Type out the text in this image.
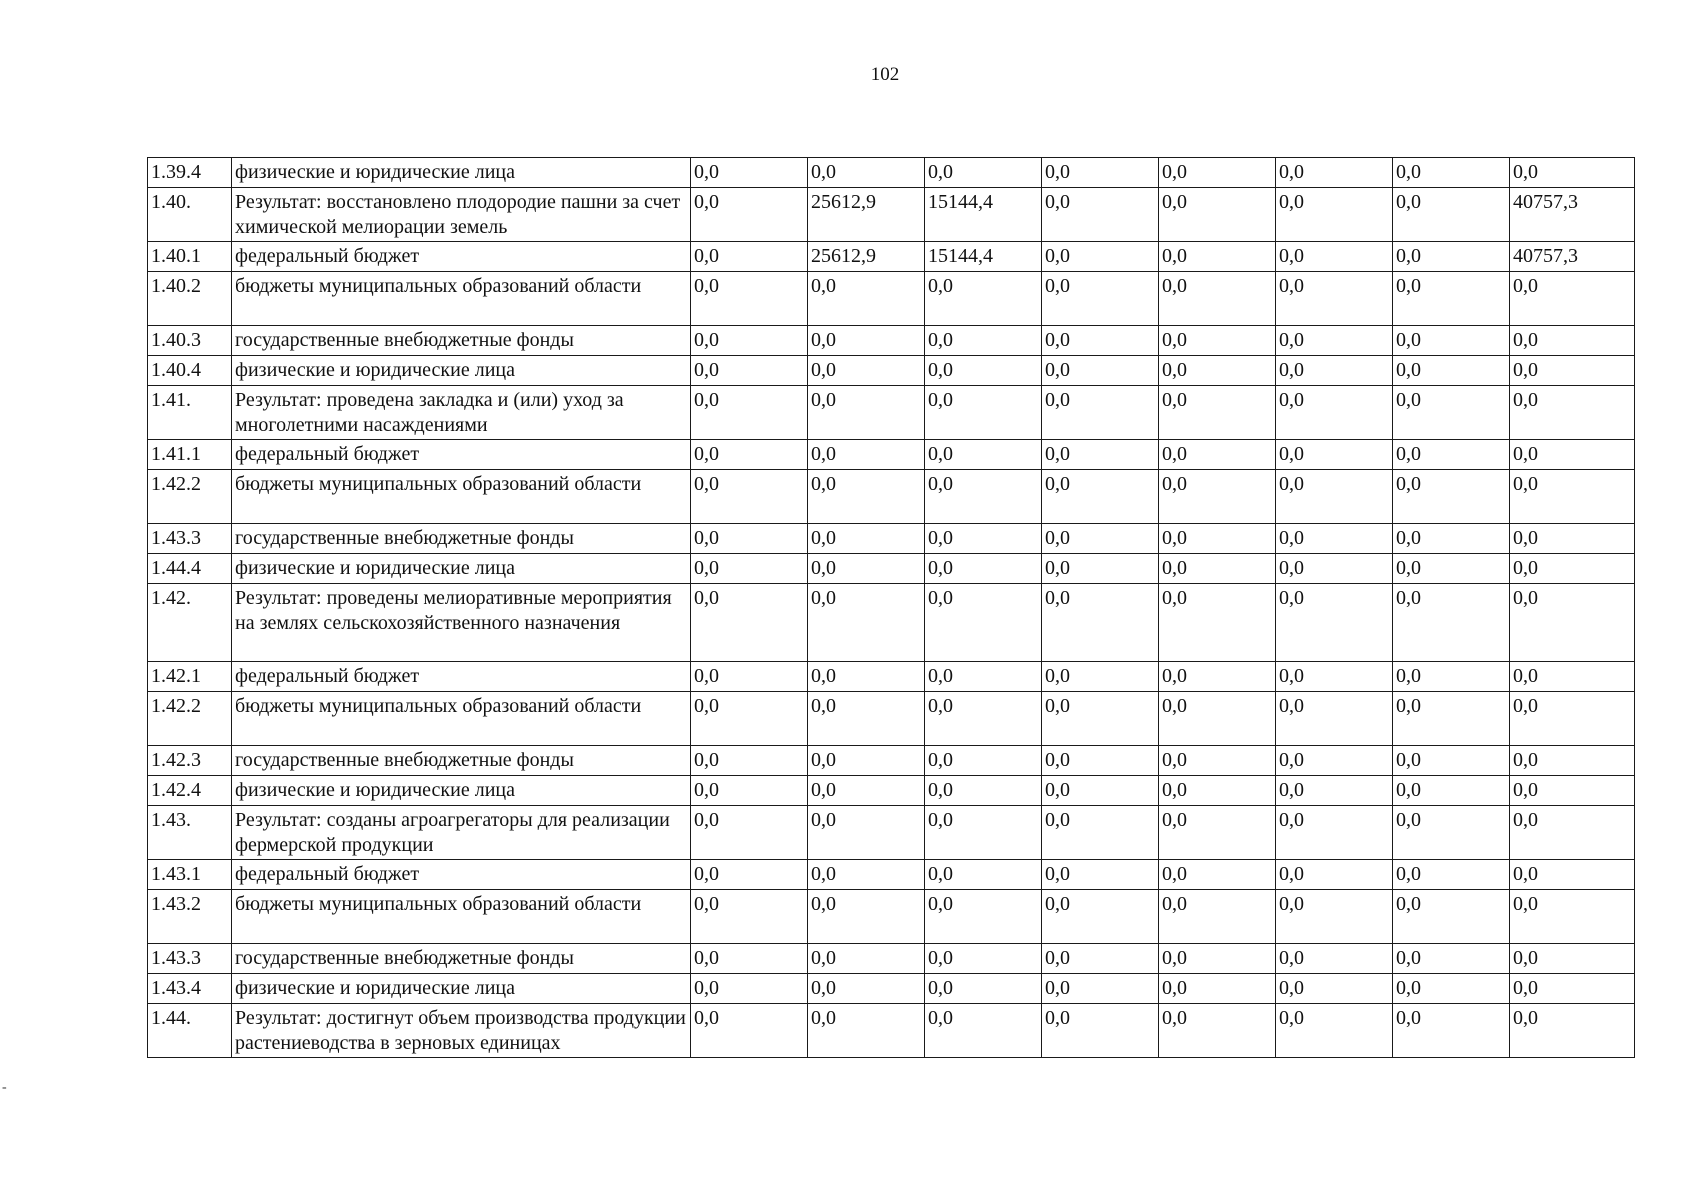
102
1.39.4	физические и юридические лица	0,0	0,0	0,0	0,0	0,0	0,0	0,0	0,0
1.40.	Результат: восстановлено плодородие пашни за счет химической мелиорации земель	0,0	25612,9	15144,4	0,0	0,0	0,0	0,0	40757,3
1.40.1	федеральный бюджет	0,0	25612,9	15144,4	0,0	0,0	0,0	0,0	40757,3
1.40.2	бюджеты муниципальных образований области	0,0	0,0	0,0	0,0	0,0	0,0	0,0	0,0
1.40.3	государственные внебюджетные фонды	0,0	0,0	0,0	0,0	0,0	0,0	0,0	0,0
1.40.4	физические и юридические лица	0,0	0,0	0,0	0,0	0,0	0,0	0,0	0,0
1.41.	Результат: проведена закладка и (или) уход за многолетними насаждениями	0,0	0,0	0,0	0,0	0,0	0,0	0,0	0,0
1.41.1	федеральный бюджет	0,0	0,0	0,0	0,0	0,0	0,0	0,0	0,0
1.42.2	бюджеты муниципальных образований области	0,0	0,0	0,0	0,0	0,0	0,0	0,0	0,0
1.43.3	государственные внебюджетные фонды	0,0	0,0	0,0	0,0	0,0	0,0	0,0	0,0
1.44.4	физические и юридические лица	0,0	0,0	0,0	0,0	0,0	0,0	0,0	0,0
1.42.	Результат: проведены мелиоративные мероприятия на землях сельскохозяйственного назначения	0,0	0,0	0,0	0,0	0,0	0,0	0,0	0,0
1.42.1	федеральный бюджет	0,0	0,0	0,0	0,0	0,0	0,0	0,0	0,0
1.42.2	бюджеты муниципальных образований области	0,0	0,0	0,0	0,0	0,0	0,0	0,0	0,0
1.42.3	государственные внебюджетные фонды	0,0	0,0	0,0	0,0	0,0	0,0	0,0	0,0
1.42.4	физические и юридические лица	0,0	0,0	0,0	0,0	0,0	0,0	0,0	0,0
1.43.	Результат: созданы агроагрегаторы для реализации фермерской продукции	0,0	0,0	0,0	0,0	0,0	0,0	0,0	0,0
1.43.1	федеральный бюджет	0,0	0,0	0,0	0,0	0,0	0,0	0,0	0,0
1.43.2	бюджеты муниципальных образований области	0,0	0,0	0,0	0,0	0,0	0,0	0,0	0,0
1.43.3	государственные внебюджетные фонды	0,0	0,0	0,0	0,0	0,0	0,0	0,0	0,0
1.43.4	физические и юридические лица	0,0	0,0	0,0	0,0	0,0	0,0	0,0	0,0
1.44.	Результат: достигнут объем производства продукции растениеводства в зерновых единицах	0,0	0,0	0,0	0,0	0,0	0,0	0,0	0,0
-
